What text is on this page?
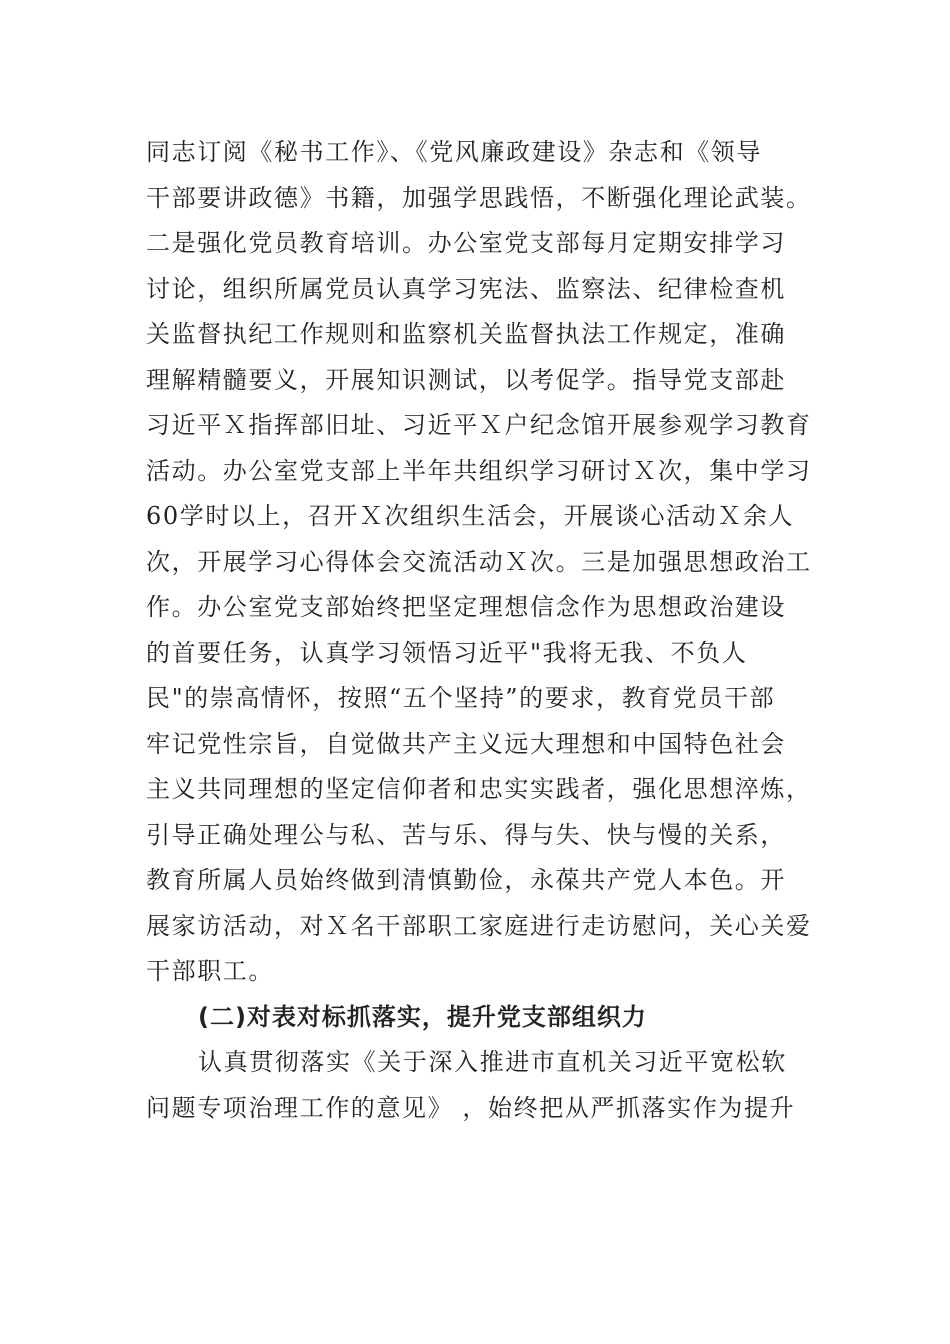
同志订阅《秘书工作》、《党风廉政建设》杂志和《领导
干部要讲政德》书籍，加强学思践悟，不断强化理论武装。
二是强化党员教育培训。办公室党支部每月定期安排学习
讨论，组织所属党员认真学习宪法、监察法、纪律检查机
关监督执纪工作规则和监察机关监督执法工作规定，准确
理解精髓要义，开展知识测试，以考促学。指导党支部赴
习近平Ｘ指挥部旧址、习近平Ｘ户纪念馆开展参观学习教育
活动。办公室党支部上半年共组织学习研讨Ｘ次，集中学习
60学时以上，召开Ｘ次组织生活会，开展谈心活动Ｘ余人
次，开展学习心得体会交流活动Ｘ次。三是加强思想政治工
作。办公室党支部始终把坚定理想信念作为思想政治建设
的首要任务，认真学习领悟习近平"我将无我、不负人
民"的崇高情怀，按照“五个坚持”的要求，教育党员干部
牢记党性宗旨，自觉做共产主义远大理想和中国特色社会
主义共同理想的坚定信仰者和忠实实践者，强化思想淬炼，
引导正确处理公与私、苦与乐、得与失、快与慢的关系，
教育所属人员始终做到清慎勤俭，永葆共产党人本色。开
展家访活动，对Ｘ名干部职工家庭进行走访慰问，关心关爱
干部职工。
(二)对表对标抓落实，提升党支部组织力
认真贯彻落实《关于深入推进市直机关习近平宽松软
问题专项治理工作的意见》 ，始终把从严抓落实作为提升
